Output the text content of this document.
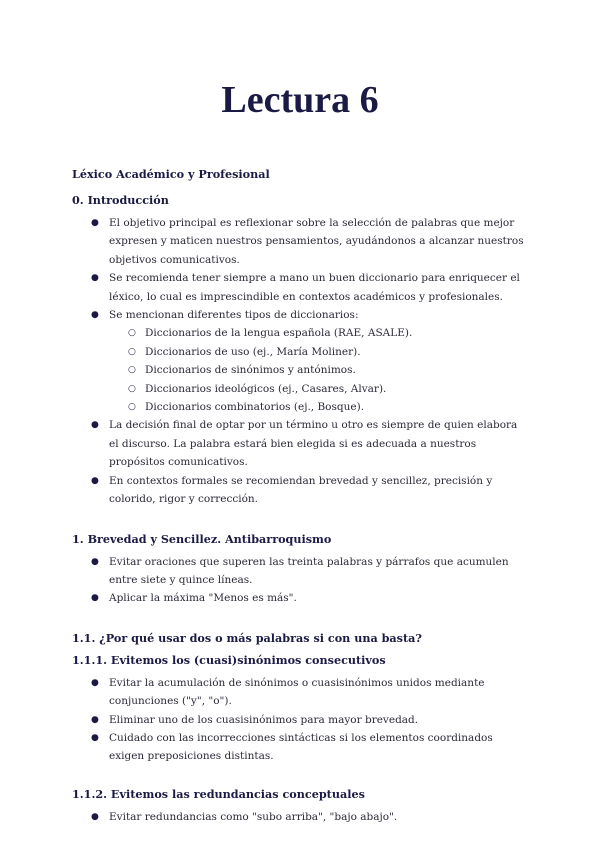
Lectura 6
Léxico Académico y Profesional
0. Introducción
● El objetivo principal es reflexionar sobre la selección de palabras que mejor expresen y maticen nuestros pensamientos, ayudándonos a alcanzar nuestros objetivos comunicativos.
● Se recomienda tener siempre a mano un buen diccionario para enriquecer el léxico, lo cual es imprescindible en contextos académicos y profesionales.
● Se mencionan diferentes tipos de diccionarios:
○ Diccionarios de la lengua española (RAE, ASALE).
○ Diccionarios de uso (ej., María Moliner).
○ Diccionarios de sinónimos y antónimos.
○ Diccionarios ideológicos (ej., Casares, Alvar).
○ Diccionarios combinatorios (ej., Bosque).
● La decisión final de optar por un término u otro es siempre de quien elabora el discurso. La palabra estará bien elegida si es adecuada a nuestros propósitos comunicativos.
● En contextos formales se recomiendan brevedad y sencillez, precisión y colorido, rigor y corrección.
1. Brevedad y Sencillez. Antibarroquismo
● Evitar oraciones que superen las treinta palabras y párrafos que acumulen entre siete y quince líneas.
● Aplicar la máxima "Menos es más".
1.1. ¿Por qué usar dos o más palabras si con una basta?
1.1.1. Evitemos los (cuasi)sinónimos consecutivos
● Evitar la acumulación de sinónimos o cuasisinónimos unidos mediante conjunciones ("y", "o").
● Eliminar uno de los cuasisinónimos para mayor brevedad.
● Cuidado con las incorrecciones sintácticas si los elementos coordinados exigen preposiciones distintas.
1.1.2. Evitemos las redundancias conceptuales
● Evitar redundancias como "subo arriba", "bajo abajo".
